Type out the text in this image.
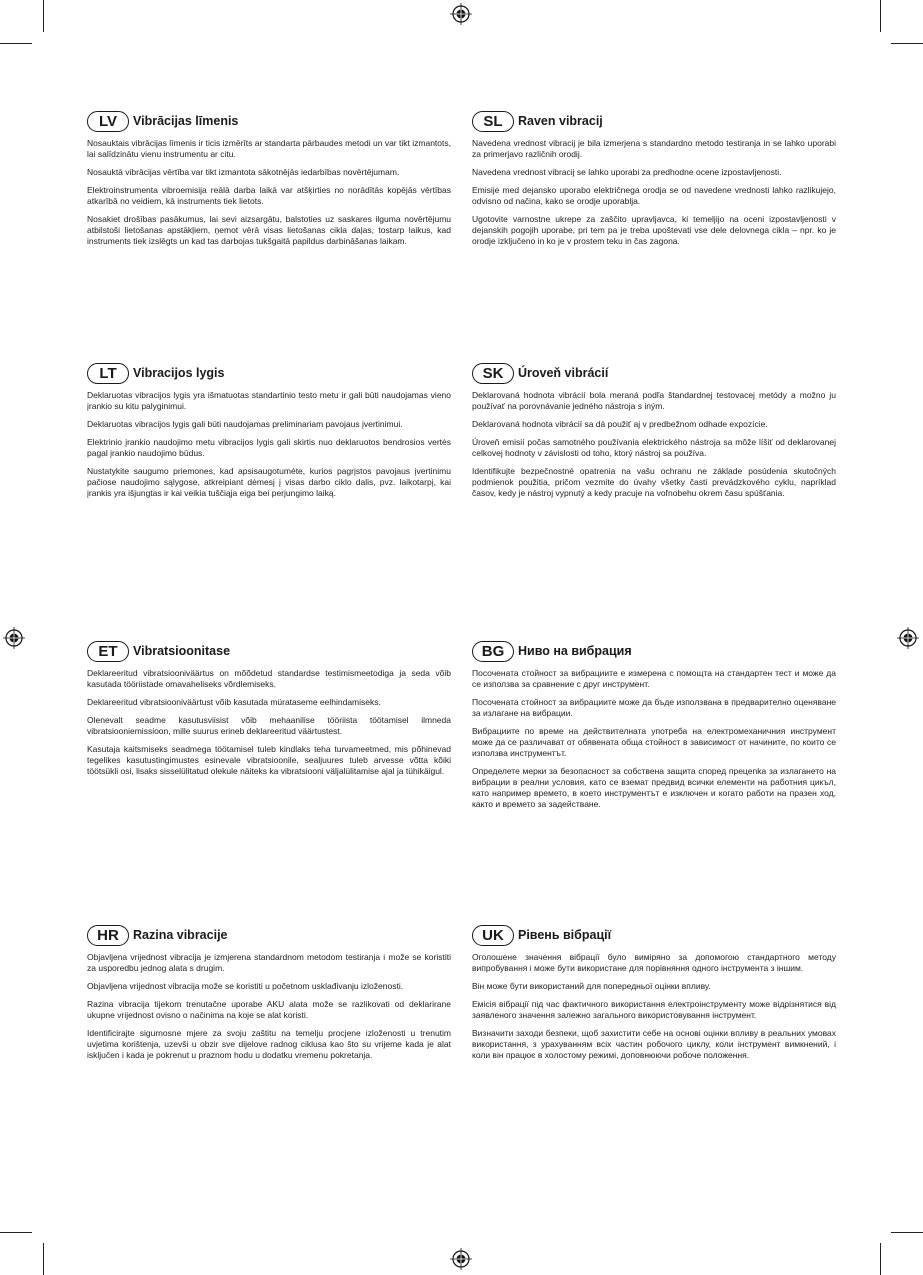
LV	Vibrācijas līmenis

Nosauktais vibrācijas līmenis ir ticis izmērīts ar standarta pārbaudes metodi un var tikt izmantots, lai salīdzinātu vienu instrumentu ar citu.

Nosauktā vibrācijas vērtība var tikt izmantota sākotnējās iedarbības novērtējumam.

Elektroinstrumenta vibroemisija reālā darba laikā var atšķirties no norādītās kopējās vērtības atkarībā no veidiem, kā instruments tiek lietots.

Nosakiet drošības pasākumus, lai sevi aizsargātu, balstoties uz saskares ilguma novērtējumu atbilstoši lietošanas apstākļiem, ņemot vērā visas lietošanas cikla daļas, tostarp laikus, kad instruments tiek izslēgts un kad tas darbojas tukšgaitā papildus darbināšanas laikam.

SL	Raven vibracij

Navedena vrednost vibracij je bila izmerjena s standardno metodo testiranja in se lahko uporabi za primerjavo različnih orodij.

Navedena vrednost vibracij se lahko uporabi za predhodne ocene izpostavljenosti.

Emisije med dejansko uporabo električnega orodja se od navedene vrednosti lahko razlikujejo, odvisno od načina, kako se orodje uporablja.

Ugotovite varnostne ukrepe za zaščito upravljavca, ki temeljijo na oceni izpostavljenosti v dejanskih pogojih uporabe, pri tem pa je treba upoštevati vse dele delovnega cikla – npr. ko je orodje izključeno in ko je v prostem teku in čas zagona.

LT	Vibracijos lygis

Deklaruotas vibracijos lygis yra išmatuotas standartinio testo metu ir gali būti naudojamas vieno įrankio su kitu palyginimui.

Deklaruotas vibracijos lygis gali būti naudojamas preliminariam pavojaus įvertinimui.

Elektrinio įrankio naudojimo metu vibracijos lygis gali skirtis nuo deklaruotos bendrosios vertės pagal įrankio naudojimo būdus.

Nustatykite saugumo priemones, kad apsisaugotumėte, kurios pagrįstos pavojaus įvertinimu pačiose naudojimo sąlygose, atkreipiant dėmesį į visas darbo ciklo dalis, pvz. laikotarpį, kai įrankis yra išjungtas ir kai veikia tuščiąja eiga bei perjungimo laiką.

SK	Úroveň vibrácií

Deklarovaná hodnota vibrácií bola meraná podľa štandardnej testovacej metódy a možno ju používať na porovnávanie jedného nástroja s iným.

Deklarovaná hodnota vibrácií sa dá použiť aj v predbežnom odhade expozície.

Úroveň emisií počas samotného používania elektrického nástroja sa môže líšiť od deklarovanej celkovej hodnoty v závislosti od toho, ktorý nástroj sa používa.

Identifikujte bezpečnostné opatrenia na vašu ochranu ne základe posúdenia skutočných podmienok použitia, pričom vezmite do úvahy všetky časti prevádzkového cyklu, napríklad časov, kedy je nástroj vypnutý a kedy pracuje na voľnobehu okrem času spúšťania.

ET	Vibratsioonitase

Deklareeritud vibratsiooniväärtus on mõõdetud standardse testimismeetodiga ja seda võib kasutada tööriistade omavaheliseks võrdlemiseks.

Deklareeritud vibratsiooniväärtust võib kasutada mürataseme eelhindamiseks.

Olenevalt seadme kasutusviisist võib mehaanilise tööriista töötamisel ilmneda vibratsiooniemissioon, mille suurus erineb deklareeritud väärtustest.

Kasutaja kaitsmiseks seadmega töötamisel tuleb kindlaks teha turvameetmed, mis põhinevad tegelikes kasutustingimustes esinevale vibratsioonile, sealjuures tuleb arvesse võtta kõiki töötsükli osi, lisaks sisselülitatud olekule näiteks ka vibratsiooni väljalülitamise ajal ja tühikäigul.

BG	Ниво на вибрация

Посочената стойност за вибрациите е измерена с помощта на стандартен тест и може да се използва за сравнение с друг инструмент.

Посочената стойност за вибрациите може да бъде използвана в предварително оценяване за излагане на вибрации.

Вибрациите по време на действителната употреба на електромеханичния инструмент може да се различават от обявената обща стойност в зависимост от начините, по които се използва инструментът.

Определете мерки за безопасност за собствена защита според прецenka за излагането на вибрации в реални условия, като се вземат предвид всички елементи на работния цикъл, като например времето, в което инструментът е изключен и когато работи на празен ход, както и времето за задействане.

HR	Razina vibracije

Objavljena vrijednost vibracija je izmjerena standardnom metodom testiranja i može se koristiti za usporedbu jednog alata s drugim.

Objavljena vrijednost vibracija može se koristiti u početnom usklađivanju izloženosti.

Razina vibracija tijekom trenutačne uporabe AKU alata može se razlikovati od deklarirane ukupne vrijednost ovisno o načinima na koje se alat koristi.

Identificirajte sigurnosne mjere za svoju zaštitu na temelju procjene izloženosti u trenutim uvjetima korištenja, uzevši u obzir sve dijelove radnog ciklusa kao što su vrijeme kada je alat isključen i kada je pokrenut u praznom hodu u dodatku vremenu pokretanja.

UK	Рівень вібрації

Оголошене значення вібрації було виміряно за допомогою стандартного методу випробування і може бути використане для порівняння одного інструмента з іншим.

Він може бути використаний для попередньої оцінки впливу.

Емісія вібрації під час фактичного використання електроінструменту може відрізнятися від заявленого значення залежно загального використовування інструмент.

Визначити заходи безпеки, щоб захистити себе на основі оцінки впливу в реальних умовах використання, з урахуванням всіх частин робочого циклу, коли інструмент вимкнений, і коли він працює в холостому режимі, доповнюючи робоче положення.
